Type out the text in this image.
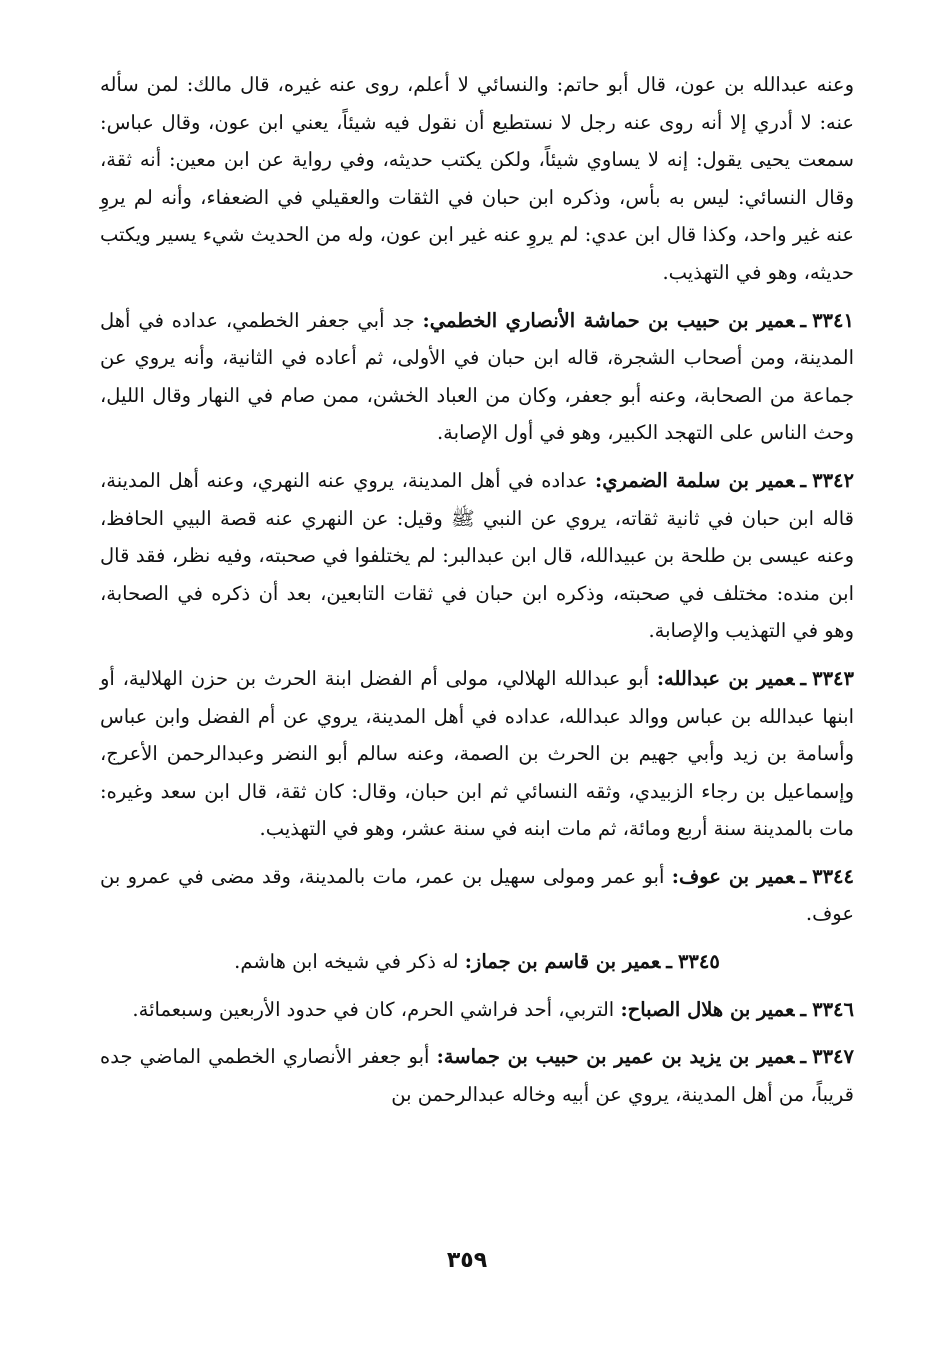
وعنه عبدالله بن عون، قال أبو حاتم: والنسائي لا أعلم، روى عنه غيره، قال مالك: لمن سأله عنه: لا أدري إلا أنه روى عنه رجل لا نستطيع أن نقول فيه شيئاً، يعني ابن عون، وقال عباس: سمعت يحيى يقول: إنه لا يساوي شيئاً، ولكن يكتب حديثه، وفي رواية عن ابن معين: أنه ثقة، وقال النسائي: ليس به بأس، وذكره ابن حبان في الثقات والعقيلي في الضعفاء، وأنه لم يروِ عنه غير واحد، وكذا قال ابن عدي: لم يروِ عنه غير ابن عون، وله من الحديث شيء يسير ويكتب حديثه، وهو في التهذيب.

٣٣٤١ـعمير بن حبيب بن حماشة الأنصاري الخطمي: جد أبي جعفر الخطمي، عداده في أهل المدينة، ومن أصحاب الشجرة، قاله ابن حبان في الأولى، ثم أعاده في الثانية، وأنه يروي عن جماعة من الصحابة، وعنه أبو جعفر، وكان من العباد الخشن، ممن صام في النهار وقال الليل، وحث الناس على التهجد الكبير، وهو في أول الإصابة.

٣٣٤٢ـعمير بن سلمة الضمري: عداده في أهل المدينة، يروي عنه النهري، وعنه أهل المدينة، قاله ابن حبان في ثانية ثقاته، يروي عن النبي ﷺ وقيل: عن النهري عنه قصة البيي الحافظ، وعنه عيسى بن طلحة بن عبيدالله، قال ابن عبدالبر: لم يختلفوا في صحبته، وفيه نظر، فقد قال ابن منده: مختلف في صحبته، وذكره ابن حبان في ثقات التابعين، بعد أن ذكره في الصحابة، وهو في التهذيب والإصابة.

٣٣٤٣ـعمير بن عبدالله: أبو عبدالله الهلالي، مولى أم الفضل ابنة الحرث بن حزن الهلالية، أو ابنها عبدالله بن عباس ووالد عبدالله، عداده في أهل المدينة، يروي عن أم الفضل وابن عباس وأسامة بن زيد وأبي جهيم بن الحرث بن الصمة، وعنه سالم أبو النضر وعبدالرحمن الأعرج، وإسماعيل بن رجاء الزبيدي، وثقه النسائي ثم ابن حبان، وقال: كان ثقة، قال ابن سعد وغيره: مات بالمدينة سنة أربع ومائة، ثم مات ابنه في سنة عشر، وهو في التهذيب.

٣٣٤٤ـعمير بن عوف: أبو عمر ومولى سهيل بن عمر، مات بالمدينة، وقد مضى في عمرو بن عوف.

٣٣٤٥ـعمير بن قاسم بن جماز: له ذكر في شيخه ابن هاشم.

٣٣٤٦ـعمير بن هلال الصباح: التربي، أحد فراشي الحرم، كان في حدود الأربعين وسبعمائة.

٣٣٤٧ـعمير بن يزيد بن عمير بن حبيب بن جماسة: أبو جعفر الأنصاري الخطمي الماضي جده قريباً، من أهل المدينة، يروي عن أبيه وخاله عبدالرحمن بن

٣٥٩
